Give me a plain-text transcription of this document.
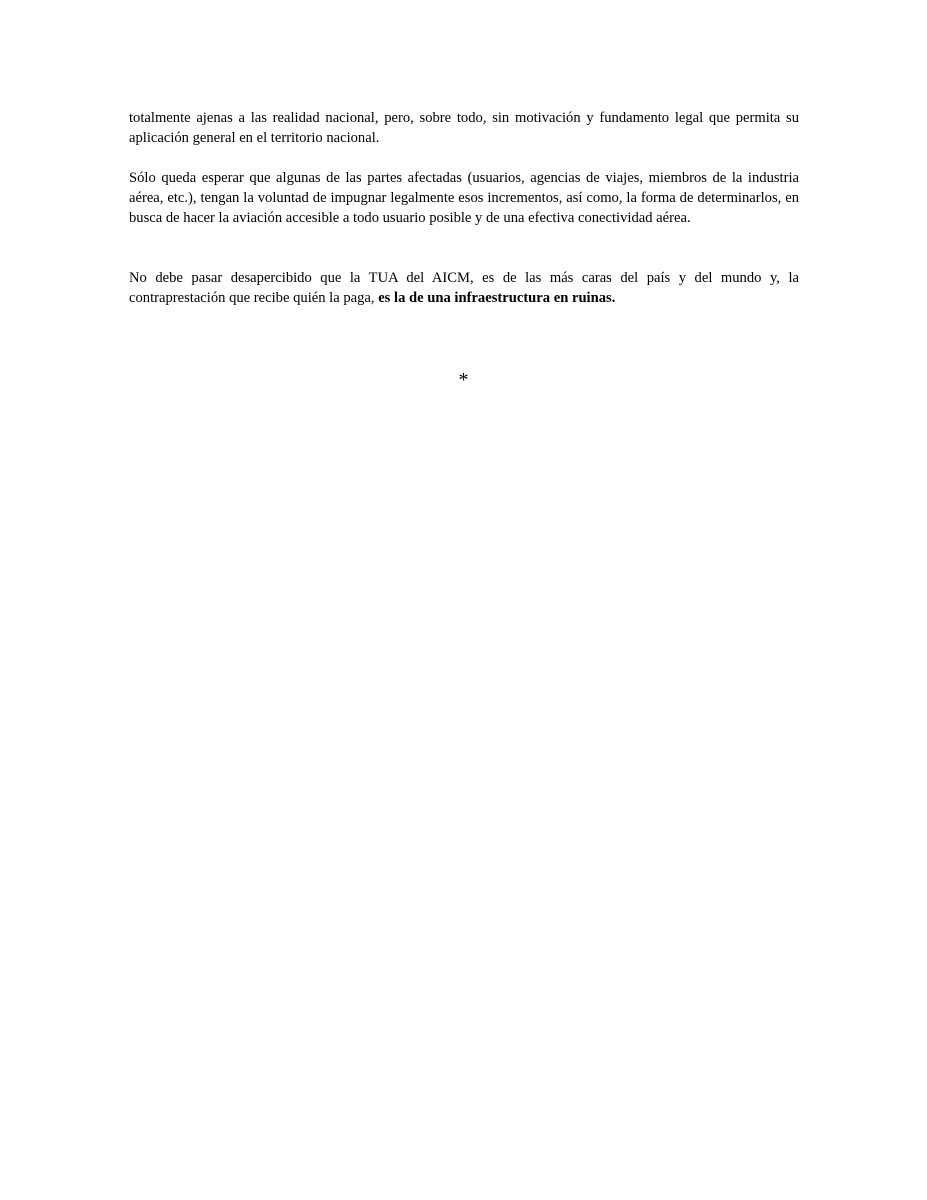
totalmente ajenas a las realidad nacional, pero, sobre todo, sin motivación y fundamento legal que permita su aplicación general en el territorio nacional.

Sólo queda esperar que algunas de las partes afectadas (usuarios, agencias de viajes, miembros de la industria aérea, etc.), tengan la voluntad de impugnar legalmente esos incrementos, así como, la forma de determinarlos, en busca de hacer la aviación accesible a todo usuario posible y de una efectiva conectividad aérea.

No debe pasar desapercibido que la TUA del AICM, es de las más caras del país y del mundo y, la contraprestación que recibe quién la paga, es la de una infraestructura en ruinas.

*
